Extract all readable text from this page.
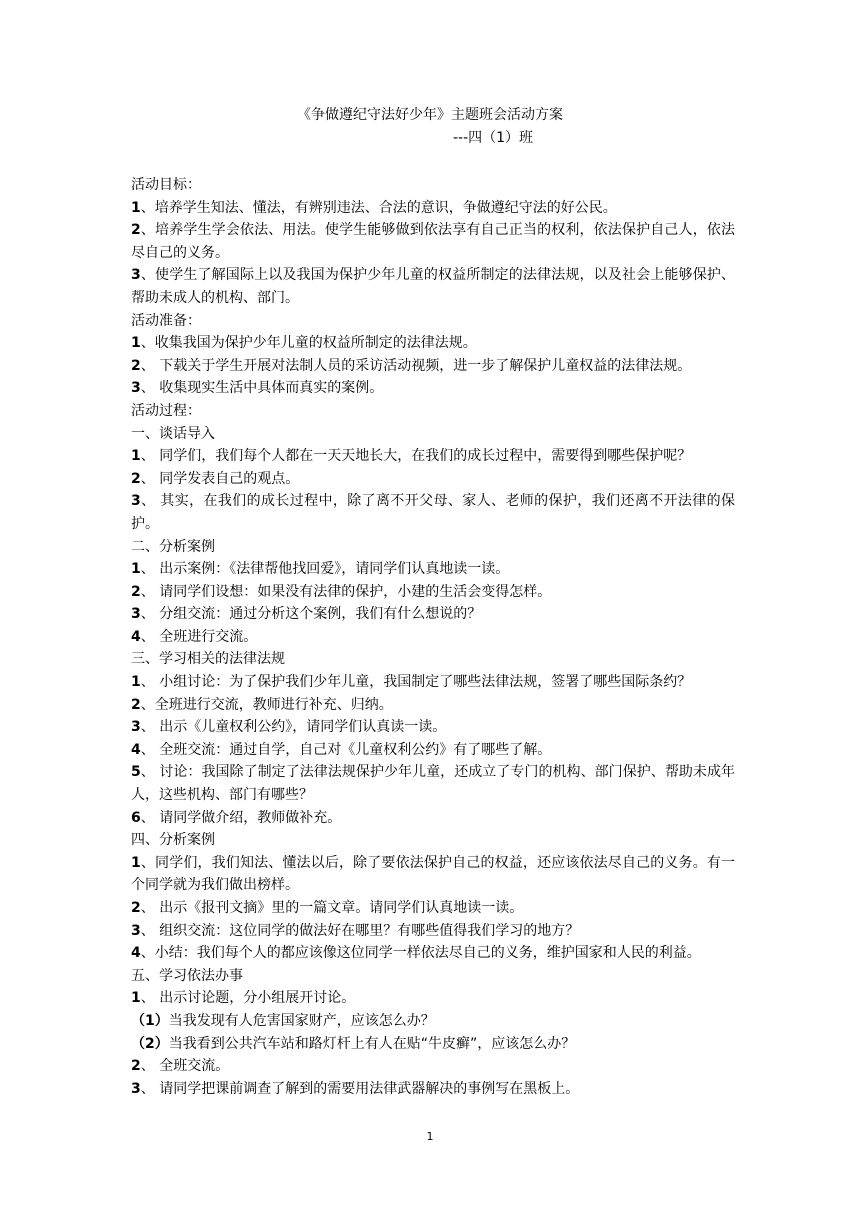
《争做遵纪守法好少年》主题班会活动方案
---四（1）班
活动目标：
1、培养学生知法、懂法，有辨别违法、合法的意识，争做遵纪守法的好公民。
2、培养学生学会依法、用法。使学生能够做到依法享有自己正当的权利，依法保护自己人，依法尽自己的义务。
3、使学生了解国际上以及我国为保护少年儿童的权益所制定的法律法规，以及社会上能够保护、帮助未成人的机构、部门。
活动准备：
1、收集我国为保护少年儿童的权益所制定的法律法规。
2、 下载关于学生开展对法制人员的采访活动视频，进一步了解保护儿童权益的法律法规。
3、 收集现实生活中具体而真实的案例。
活动过程：
一、谈话导入
1、 同学们，我们每个人都在一天天地长大，在我们的成长过程中，需要得到哪些保护呢？
2、 同学发表自己的观点。
3、 其实，在我们的成长过程中，除了离不开父母、家人、老师的保护，我们还离不开法律的保护。
二、分析案例
1、 出示案例：《法律帮他找回爱》，请同学们认真地读一读。
2、 请同学们设想：如果没有法律的保护，小建的生活会变得怎样。
3、 分组交流：通过分析这个案例，我们有什么想说的？
4、 全班进行交流。
三、学习相关的法律法规
1、 小组讨论：为了保护我们少年儿童，我国制定了哪些法律法规，签署了哪些国际条约？
2、全班进行交流，教师进行补充、归纳。
3、 出示《儿童权利公约》，请同学们认真读一读。
4、 全班交流：通过自学，自己对《儿童权利公约》有了哪些了解。
5、 讨论：我国除了制定了法律法规保护少年儿童，还成立了专门的机构、部门保护、帮助未成年人，这些机构、部门有哪些？
6、 请同学做介绍，教师做补充。
四、分析案例
1、同学们，我们知法、懂法以后，除了要依法保护自己的权益，还应该依法尽自己的义务。有一个同学就为我们做出榜样。
2、 出示《报刊文摘》里的一篇文章。请同学们认真地读一读。
3、 组织交流：这位同学的做法好在哪里？有哪些值得我们学习的地方？
4、小结：我们每个人的都应该像这位同学一样依法尽自己的义务，维护国家和人民的利益。
五、学习依法办事
1、 出示讨论题，分小组展开讨论。
（1）当我发现有人危害国家财产，应该怎么办？
（2）当我看到公共汽车站和路灯杆上有人在贴“牛皮癣”，应该怎么办？
2、 全班交流。
3、 请同学把课前调查了解到的需要用法律武器解决的事例写在黑板上。
1
